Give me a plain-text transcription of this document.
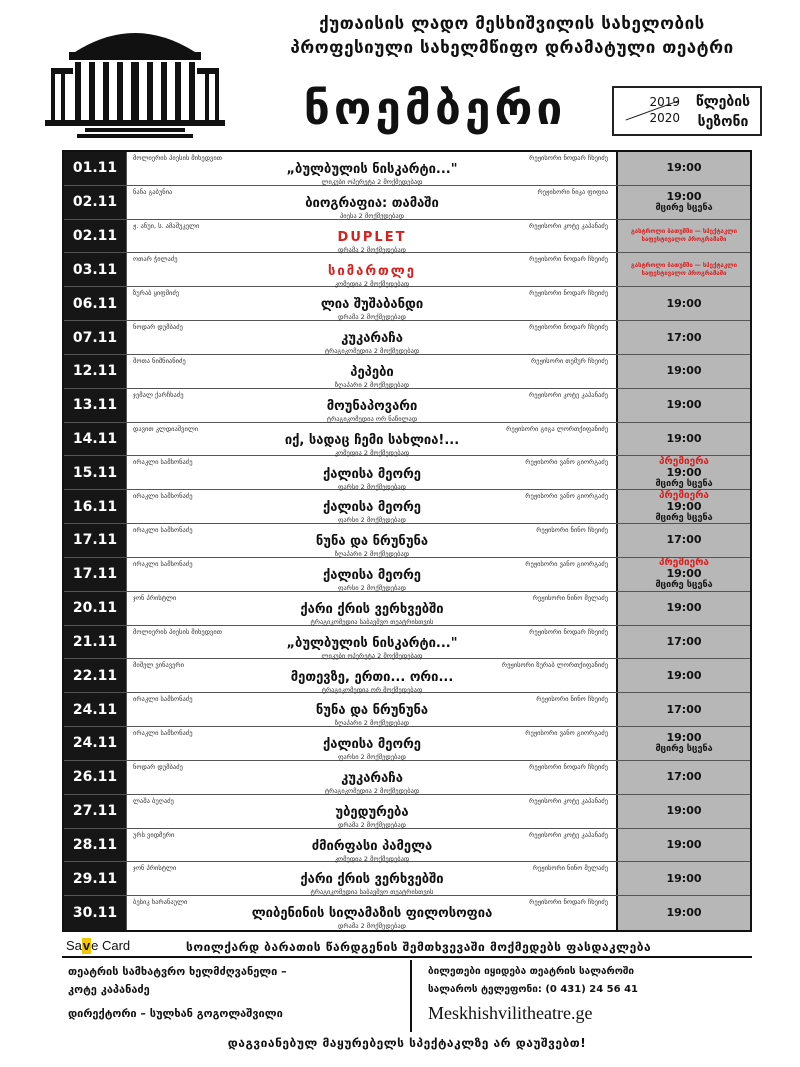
ქუთაისის ლადო მესხიშვილის სახელობის
პროფესიული სახელმწიფო დრამატული თეატრი
ნოემბერი	2019
2020
წლების
სეზონი
01.11
მოლიერის პიესის მიხედვით	რეჟისორი ნოდარ ჩხეიძე
„ბულბულის ნისკარტი..."
ლიკუბი ოპერეტა 2 მოქმედებად
19:00
02.11
ნანა გაბუნია	რეჟისორი ნიკა ფიფია
ბიოგრაფია: თამაში
პიესა 2 მოქმედებად
19:00
მცირე სცენა
02.11
ჟ. ანუი, ს. ამაშუკელი	რეჟისორი კოტე კაპანაძე
DUPLET
დრამა 2 მოქმედებად
გასტროლი ბათუმში — სპექტაკლი საფესტივალო პროგრამაში
03.11
ოთარ ჭილაძე	რეჟისორი ნოდარ ჩხეიძე
სიმართლე
კომედია 2 მოქმედებად
გასტროლი ბათუმში — სპექტაკლი საფესტივალო პროგრამაში
06.11
ზურაბ ყიფშიძე	რეჟისორი ნოდარ ჩხეიძე
ლია შუშაბანდი
დრამა 2 მოქმედებად
19:00
07.11
ნოდარ დუმბაძე	რეჟისორი ნოდარ ჩხეიძე
კუკარაჩა
ტრაგიკომედია 2 მოქმედებად
17:00
12.11
შოთა ნიშნიანიძე	რეჟისორი თემურ ჩხეიძე
პეპები
ზღაპარი 2 მოქმედებად
19:00
13.11
ჯემალ ქარჩხაძე	რეჟისორი კოტე კაპანაძე
მოუნაპოვარი
ტრაგიკომედია ორ ნაწილად
19:00
14.11
დავით კლდიაშვილი	რეჟისორი გიგა ლორთქიფანიძე
იქ, სადაც ჩემი სახლია!...
კომედია 2 მოქმედებად
19:00
15.11
ირაკლი სამსონაძე	რეჟისორი ვანო გიორგაძე
ქალისა მეორე
ფარსი 2 მოქმედებად
პრემიერა
19:00
მცირე სცენა
16.11
ირაკლი სამსონაძე	რეჟისორი ვანო გიორგაძე
ქალისა მეორე
ფარსი 2 მოქმედებად
პრემიერა
19:00
მცირე სცენა
17.11
ირაკლი სამსონაძე	რეჟისორი ნინო ჩხეიძე
ნუნა და ნრუნუნა
ზღაპარი 2 მოქმედებად
17:00
17.11
ირაკლი სამსონაძე	რეჟისორი ვანო გიორგაძე
ქალისა მეორე
ფარსი 2 მოქმედებად
პრემიერა
19:00
მცირე სცენა
20.11
ჯონ პრისტლი	რეჟისორი ნინო მელაძე
ქარი ქრის ვერხვებში
ტრაგიკომედია საბავშვო თეატრისთვის
19:00
21.11
მოლიერის პიესის მიხედვით	რეჟისორი ნოდარ ჩხეიძე
„ბულბულის ნისკარტი..."
ლიკუბი ოპერეტა 2 მოქმედებად
17:00
22.11
მიშელ ვინავერი	რეჟისორი ზურაბ ლორთქიფანიძე
მეთევზე, ერთი... ორი...
ტრაგიკომედია ორ მოქმედებად
19:00
24.11
ირაკლი სამსონაძე	რეჟისორი ნინო ჩხეიძე
ნუნა და ნრუნუნა
ზღაპარი 2 მოქმედებად
17:00
24.11
ირაკლი სამსონაძე	რეჟისორი ვანო გიორგაძე
ქალისა მეორე
ფარსი 2 მოქმედებად
19:00
მცირე სცენა
26.11
ნოდარ დუმბაძე	რეჟისორი ნოდარ ჩხეიძე
კუკარაჩა
ტრაგიკომედია 2 მოქმედებად
17:00
27.11
ლაშა ბუღაძე	რეჟისორი კოტე კაპანაძე
უბედურება
დრამა 2 მოქმედებად
19:00
28.11
ურს ვიდმერი	რეჟისორი კოტე კაპანაძე
ძმირფასი პამელა
კომედია 2 მოქმედებად
19:00
29.11
ჯონ პრისტლი	რეჟისორი ნინო მელაძე
ქარი ქრის ვერხვებში
ტრაგიკომედია საბავშვო თეატრისთვის
19:00
30.11
ბესიკ ხარანაული	რეჟისორი ნოდარ ჩხეიძე
ლიბენინის სილამაზის ფილოსოფია
დრამა 2 მოქმედებად
19:00
Save Card	სოილქარდ ბარათის წარდგენის შემთხვევაში მოქმედებს ფასდაკლება
თეატრის სამხატვრო ხელმძღვანელი –
კოტე კაპანაძე
დირექტორი – სულხან გოგოლაშვილი
ბილეთები იყიდება თეატრის სალაროში
სალაროს ტელეფონი: (0 431) 24 56 41
Meskhishvilitheatre.ge
დაგვიანებულ მაყურებელს სპექტაკლზე არ დაუშვებთ!
